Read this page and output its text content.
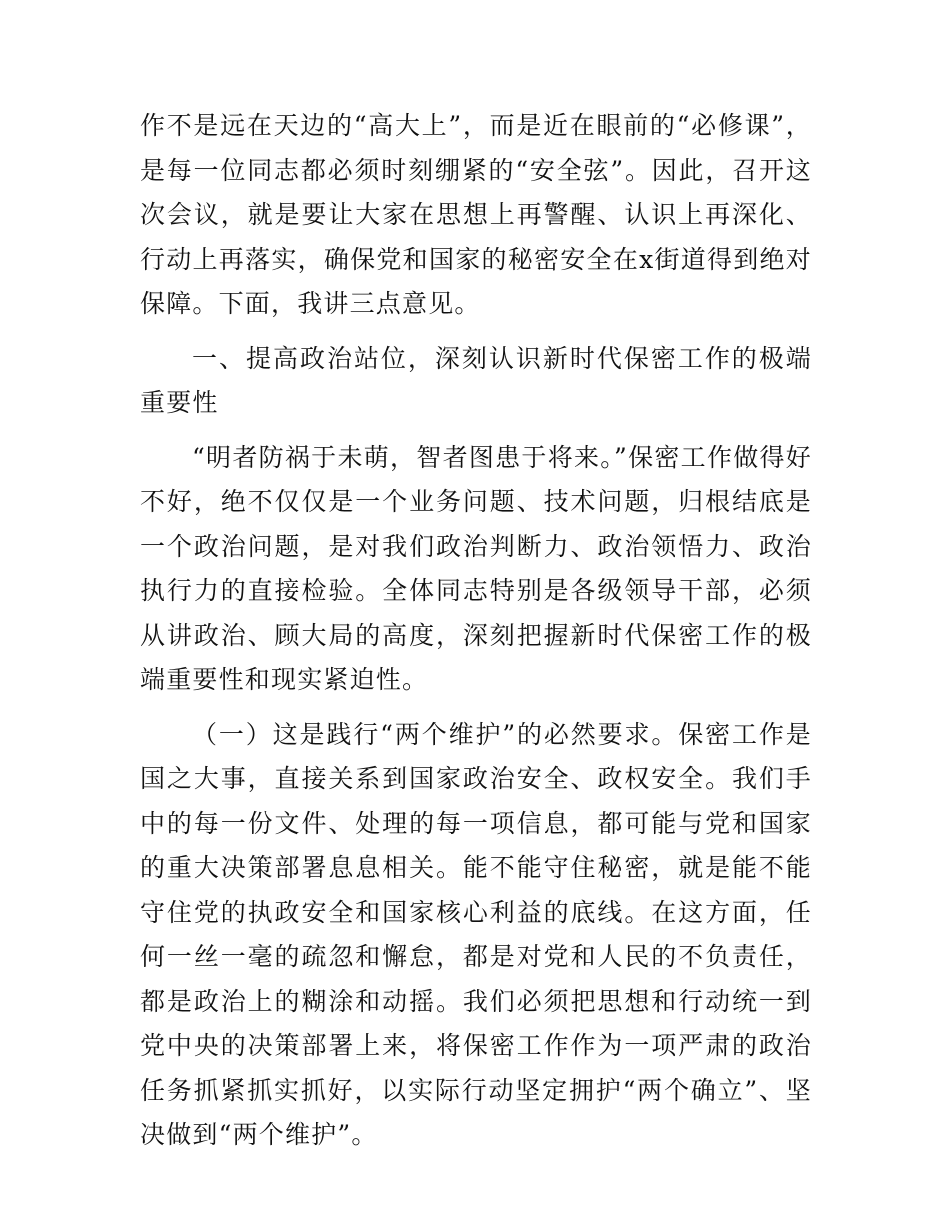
作不是远在天边的“高大上”，而是近在眼前的“必修课”，是每一位同志都必须时刻绷紧的“安全弦”。因此，召开这次会议，就是要让大家在思想上再警醒、认识上再深化、行动上再落实，确保党和国家的秘密安全在x街道得到绝对保障。下面，我讲三点意见。

一、提高政治站位，深刻认识新时代保密工作的极端重要性

“明者防祸于未萌，智者图患于将来。”保密工作做得好不好，绝不仅仅是一个业务问题、技术问题，归根结底是一个政治问题，是对我们政治判断力、政治领悟力、政治执行力的直接检验。全体同志特别是各级领导干部，必须从讲政治、顾大局的高度，深刻把握新时代保密工作的极端重要性和现实紧迫性。

（一）这是践行“两个维护”的必然要求。保密工作是国之大事，直接关系到国家政治安全、政权安全。我们手中的每一份文件、处理的每一项信息，都可能与党和国家的重大决策部署息息相关。能不能守住秘密，就是能不能守住党的执政安全和国家核心利益的底线。在这方面，任何一丝一毫的疏忽和懈怠，都是对党和人民的不负责任，都是政治上的糊涂和动摇。我们必须把思想和行动统一到党中央的决策部署上来，将保密工作作为一项严肃的政治任务抓紧抓实抓好，以实际行动坚定拥护“两个确立”、坚决做到“两个维护”。
